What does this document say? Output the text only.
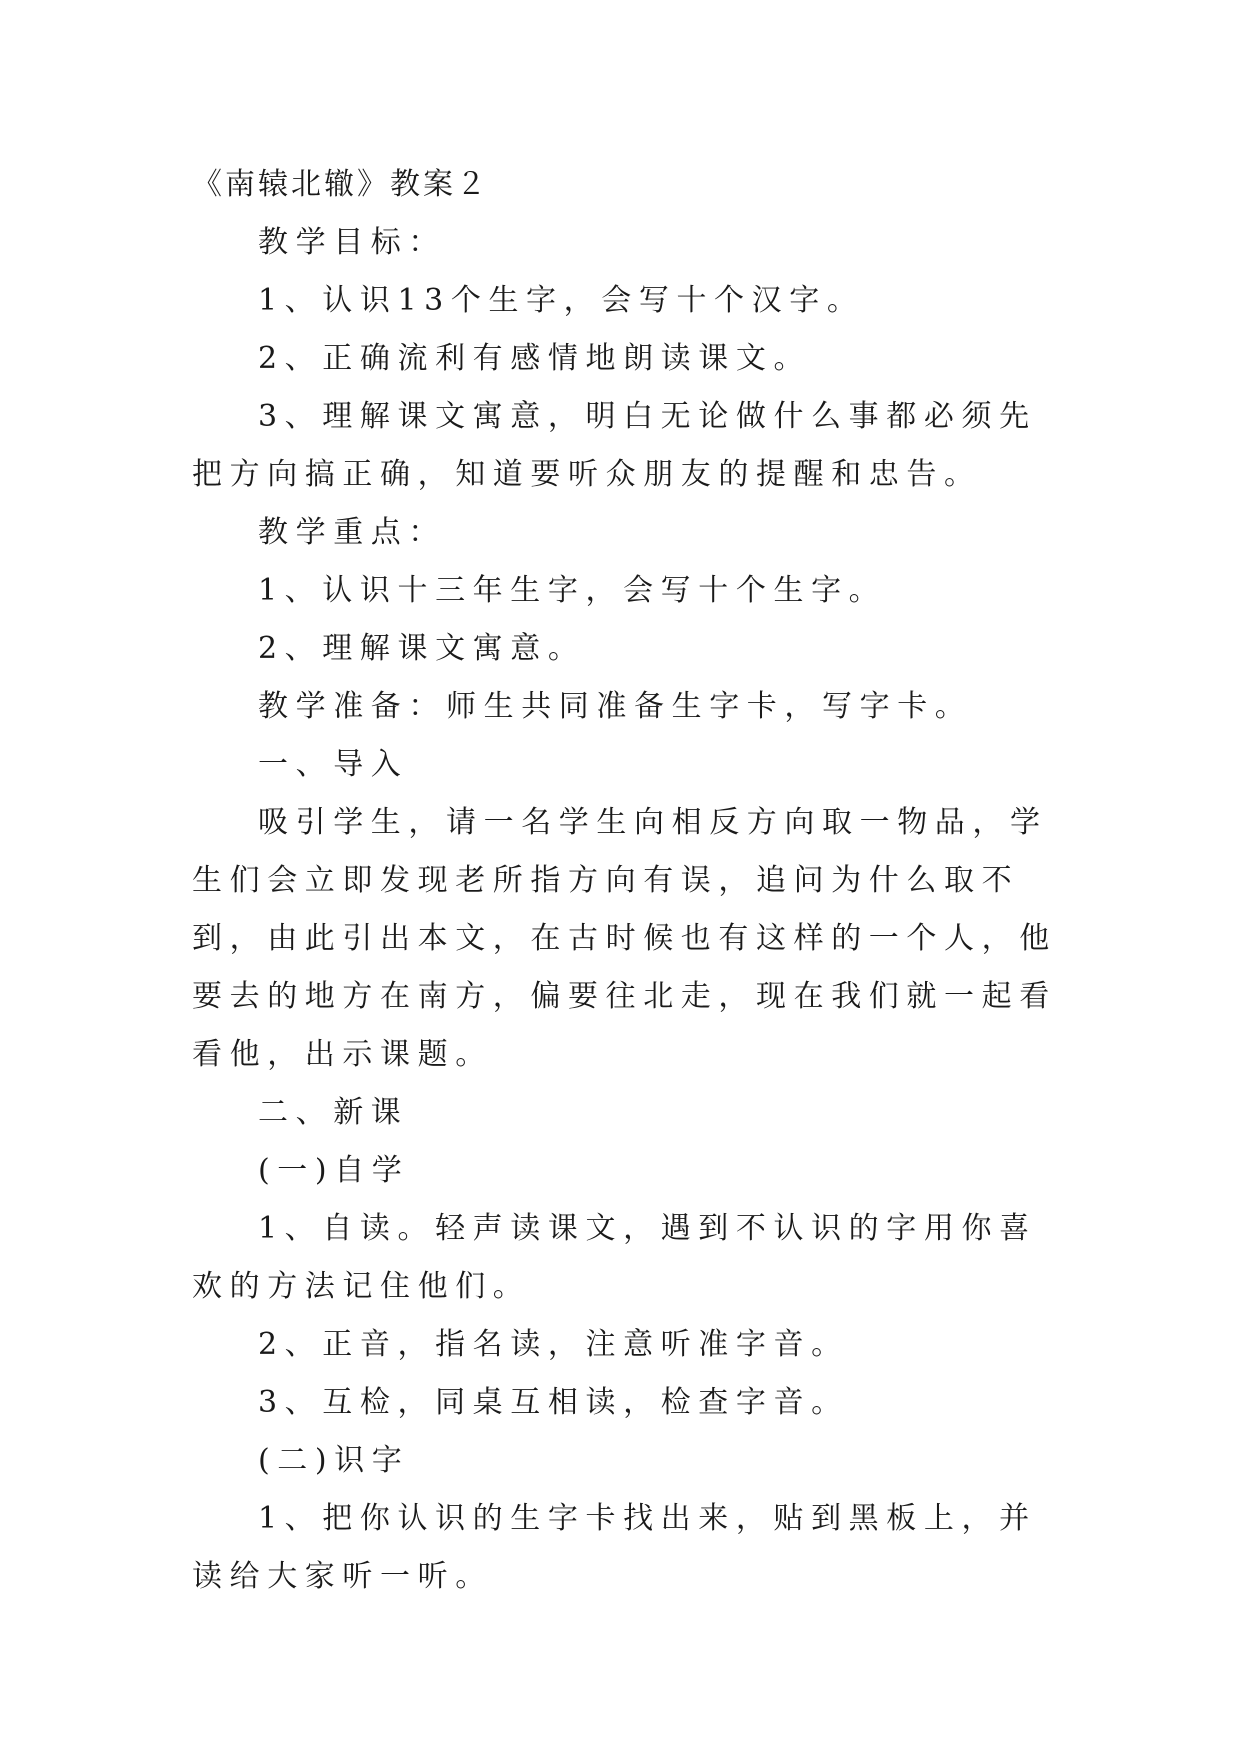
《南辕北辙》教案２

教学目标：

1、认识13个生字，会写十个汉字。

2、正确流利有感情地朗读课文。

3、理解课文寓意，明白无论做什么事都必须先把方向搞正确，知道要听众朋友的提醒和忠告。

教学重点：

1、认识十三年生字，会写十个生字。

2、理解课文寓意。

教学准备：师生共同准备生字卡，写字卡。

一、导入

吸引学生，请一名学生向相反方向取一物品，学生们会立即发现老所指方向有误，追问为什么取不到，由此引出本文，在古时候也有这样的一个人，他要去的地方在南方，偏要往北走，现在我们就一起看看他，出示课题。

二、新课

(一)自学

1、自读。轻声读课文，遇到不认识的字用你喜欢的方法记住他们。

2、正音，指名读，注意听准字音。

3、互检，同桌互相读，检查字音。

(二)识字

1、把你认识的生字卡找出来，贴到黑板上，并读给大家听一听。
